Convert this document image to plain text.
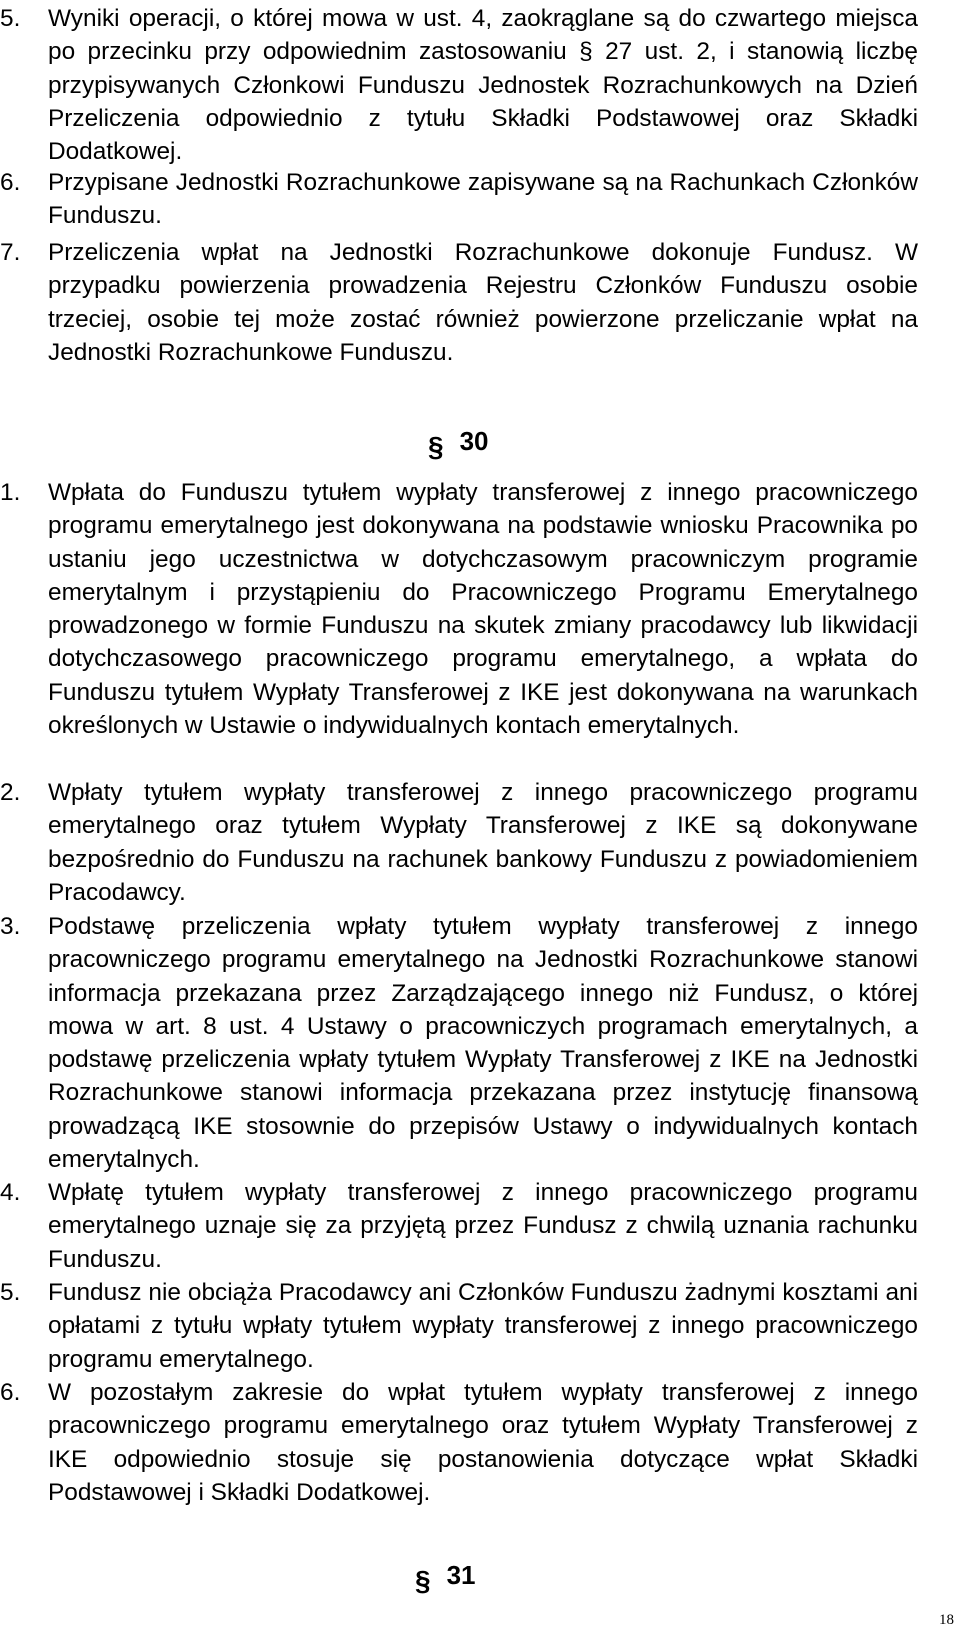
5. Wyniki operacji, o której mowa w ust. 4, zaokrąglane są do czwartego miejsca po przecinku przy odpowiednim zastosowaniu § 27 ust. 2, i stanowią liczbę przypisywanych Członkowi Funduszu Jednostek Rozrachunkowych na Dzień Przeliczenia odpowiednio z tytułu Składki Podstawowej oraz Składki Dodatkowej.
6. Przypisane Jednostki Rozrachunkowe zapisywane są na Rachunkach Członków Funduszu.
7. Przeliczenia wpłat na Jednostki Rozrachunkowe dokonuje Fundusz. W przypadku powierzenia prowadzenia Rejestru Członków Funduszu osobie trzeciej, osobie tej może zostać również powierzone przeliczanie wpłat na Jednostki Rozrachunkowe Funduszu.
§ 30
1. Wpłata do Funduszu tytułem wypłaty transferowej z innego pracowniczego programu emerytalnego jest dokonywana na podstawie wniosku Pracownika po ustaniu jego uczestnictwa w dotychczasowym pracowniczym programie emerytalnym i przystąpieniu do Pracowniczego Programu Emerytalnego prowadzonego w formie Funduszu na skutek zmiany pracodawcy lub likwidacji dotychczasowego pracowniczego programu emerytalnego, a wpłata do Funduszu tytułem Wypłaty Transferowej z IKE jest dokonywana na warunkach określonych w Ustawie o indywidualnych kontach emerytalnych.
2. Wpłaty tytułem wypłaty transferowej z innego pracowniczego programu emerytalnego oraz tytułem Wypłaty Transferowej z IKE są dokonywane bezpośrednio do Funduszu na rachunek bankowy Funduszu z powiadomieniem Pracodawcy.
3. Podstawę przeliczenia wpłaty tytułem wypłaty transferowej z innego pracowniczego programu emerytalnego na Jednostki Rozrachunkowe stanowi informacja przekazana przez Zarządzającego innego niż Fundusz, o której mowa w art. 8 ust. 4 Ustawy o pracowniczych programach emerytalnych, a podstawę przeliczenia wpłaty tytułem Wypłaty Transferowej z IKE na Jednostki Rozrachunkowe stanowi informacja przekazana przez instytucję finansową prowadzącą IKE stosownie do przepisów Ustawy o indywidualnych kontach emerytalnych.
4. Wpłatę tytułem wypłaty transferowej z innego pracowniczego programu emerytalnego uznaje się za przyjętą przez Fundusz z chwilą uznania rachunku Funduszu.
5. Fundusz nie obciąża Pracodawcy ani Członków Funduszu żadnymi kosztami ani opłatami z tytułu wpłaty tytułem wypłaty transferowej z innego pracowniczego programu emerytalnego.
6. W pozostałym zakresie do wpłat tytułem wypłaty transferowej z innego pracowniczego programu emerytalnego oraz tytułem Wypłaty Transferowej z IKE odpowiednio stosuje się postanowienia dotyczące wpłat Składki Podstawowej i Składki Dodatkowej.
§ 31
18
